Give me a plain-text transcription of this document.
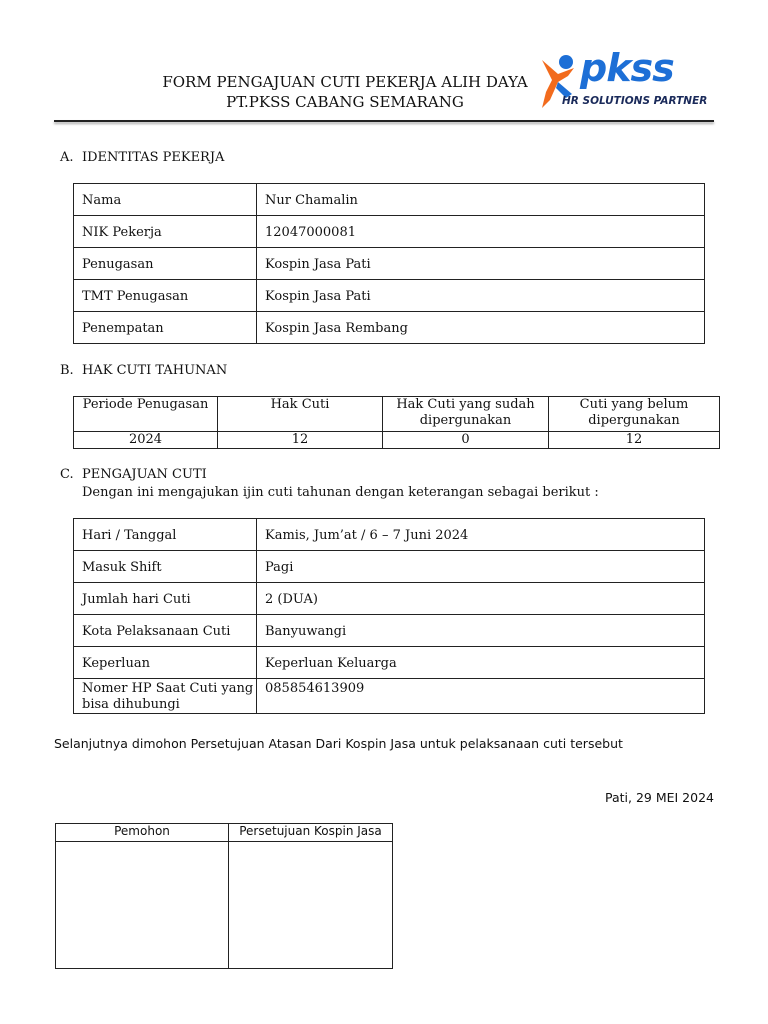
FORM PENGAJUAN CUTI PEKERJA ALIH DAYA
PT.PKSS CABANG SEMARANG
pkss
HR SOLUTIONS PARTNER
A. IDENTITAS PEKERJA
Nama	Nur Chamalin

NIK Pekerja	12047000081

Penugasan	Kospin Jasa Pati

TMT Penugasan	Kospin Jasa Pati

Penempatan	Kospin Jasa Rembang
B. HAK CUTI TAHUNAN
Periode Penugasan	Hak Cuti	Hak Cuti yang sudah dipergunakan	Cuti yang belum dipergunakan
2024	12	0	12
C. PENGAJUAN CUTI
Dengan ini mengajukan ijin cuti tahunan dengan keterangan sebagai berikut :
Hari / Tanggal	Kamis, Jum’at / 6 – 7 Juni 2024

Masuk Shift	Pagi

Jumlah hari Cuti	2 (DUA)

Kota Pelaksanaan Cuti	Banyuwangi

Keperluan	Keperluan Keluarga

Nomer HP Saat Cuti yang bisa dihubungi	085854613909
Selanjutnya dimohon Persetujuan Atasan Dari Kospin Jasa untuk pelaksanaan cuti tersebut
Pati, 29 MEI 2024
Pemohon	Persetujuan Kospin Jasa
